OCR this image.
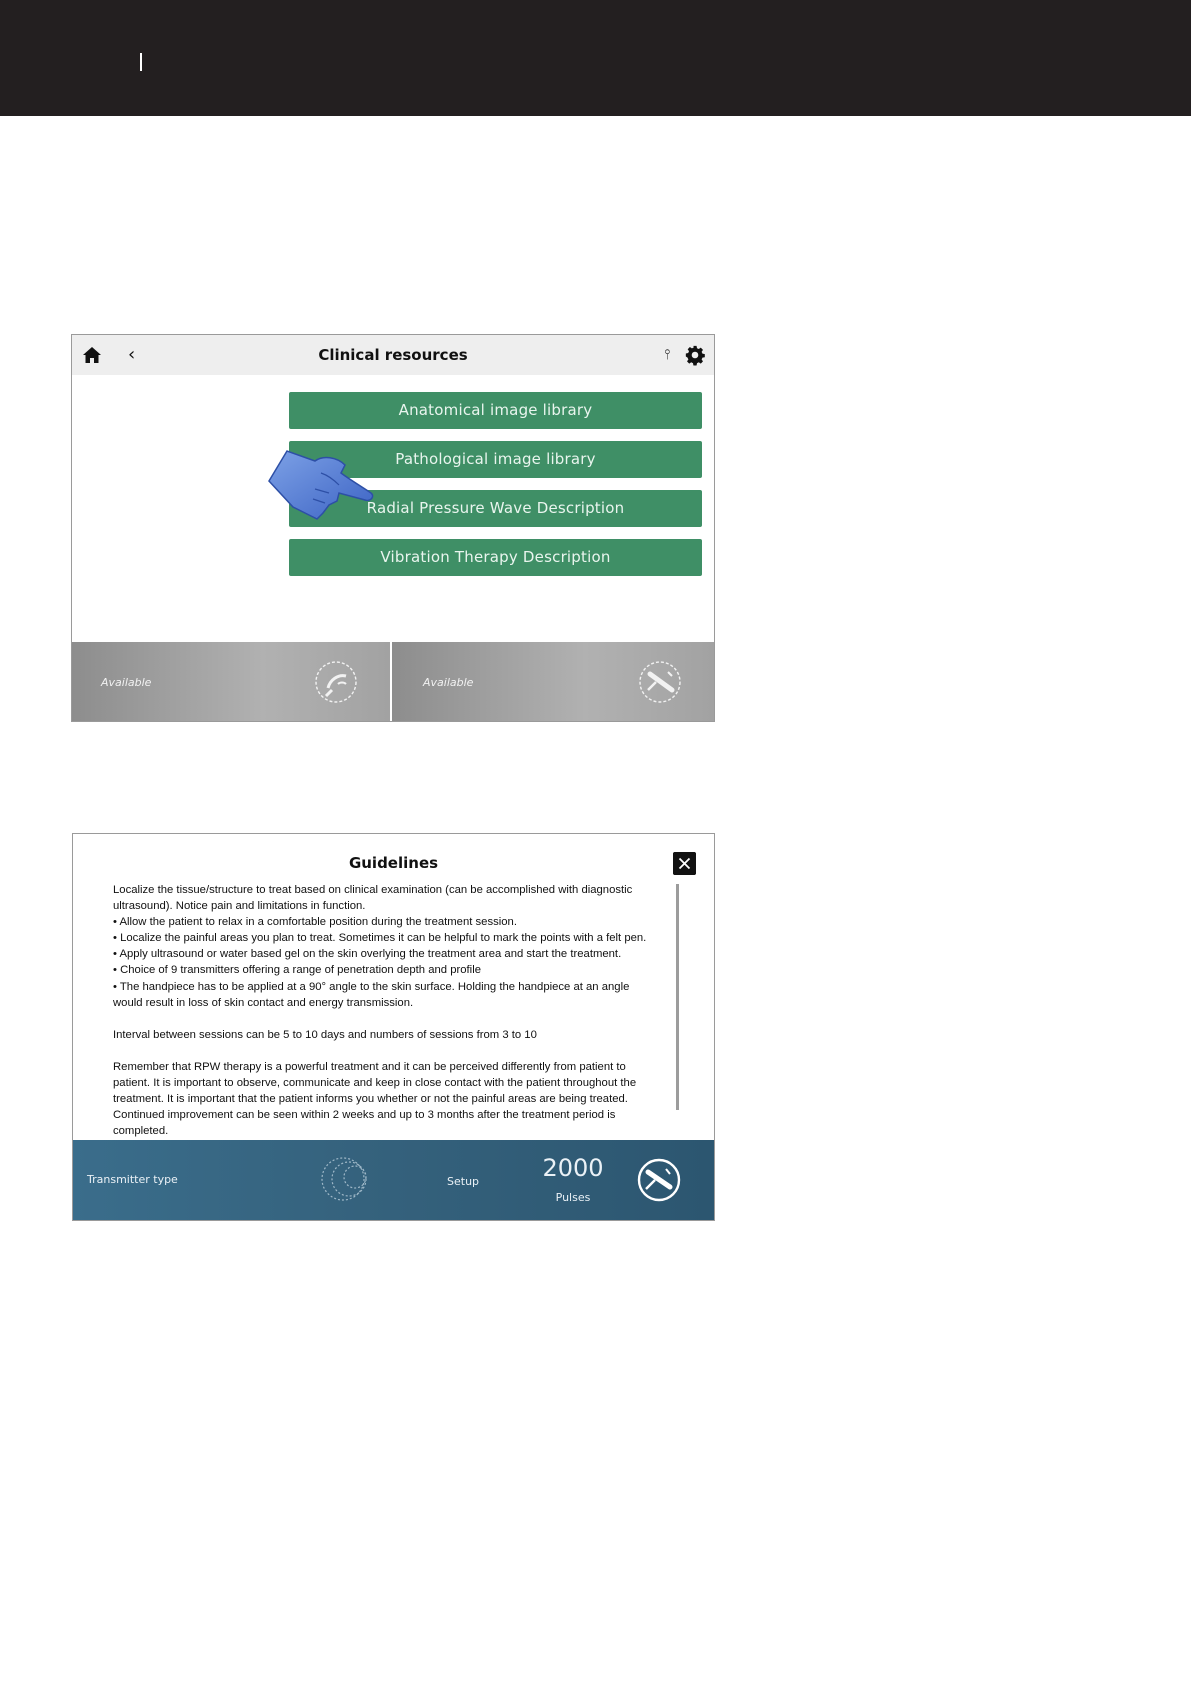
‹	Clinical resources	⫯
Anatomical image library
Pathological image library
Radial Pressure Wave Description
Vibration Therapy Description
Available	Available
Guidelines

Localize the tissue/structure to treat based on clinical examination (can be accomplished with diagnostic

ultrasound). Notice pain and limitations in function.

• Allow the patient to relax in a comfortable position during the treatment session.

• Localize the painful areas you plan to treat. Sometimes it can be helpful to mark the points with a felt pen.

• Apply ultrasound or water based gel on the skin overlying the treatment area and start the treatment.

• Choice of 9 transmitters offering a range of penetration depth and profile

• The handpiece has to be applied at a 90° angle to the skin surface. Holding the handpiece at an angle

would result in loss of skin contact and energy transmission.

Interval between sessions can be 5 to 10 days and numbers of sessions from 3 to 10

Remember that RPW therapy is a powerful treatment and it can be perceived differently from patient to

patient. It is important to observe, communicate and keep in close contact with the patient throughout the

treatment. It is important that the patient informs you whether or not the painful areas are being treated.

Continued improvement can be seen within 2 weeks and up to 3 months after the treatment period is

completed.

Transmitter type	Setup	2000
Pulses
